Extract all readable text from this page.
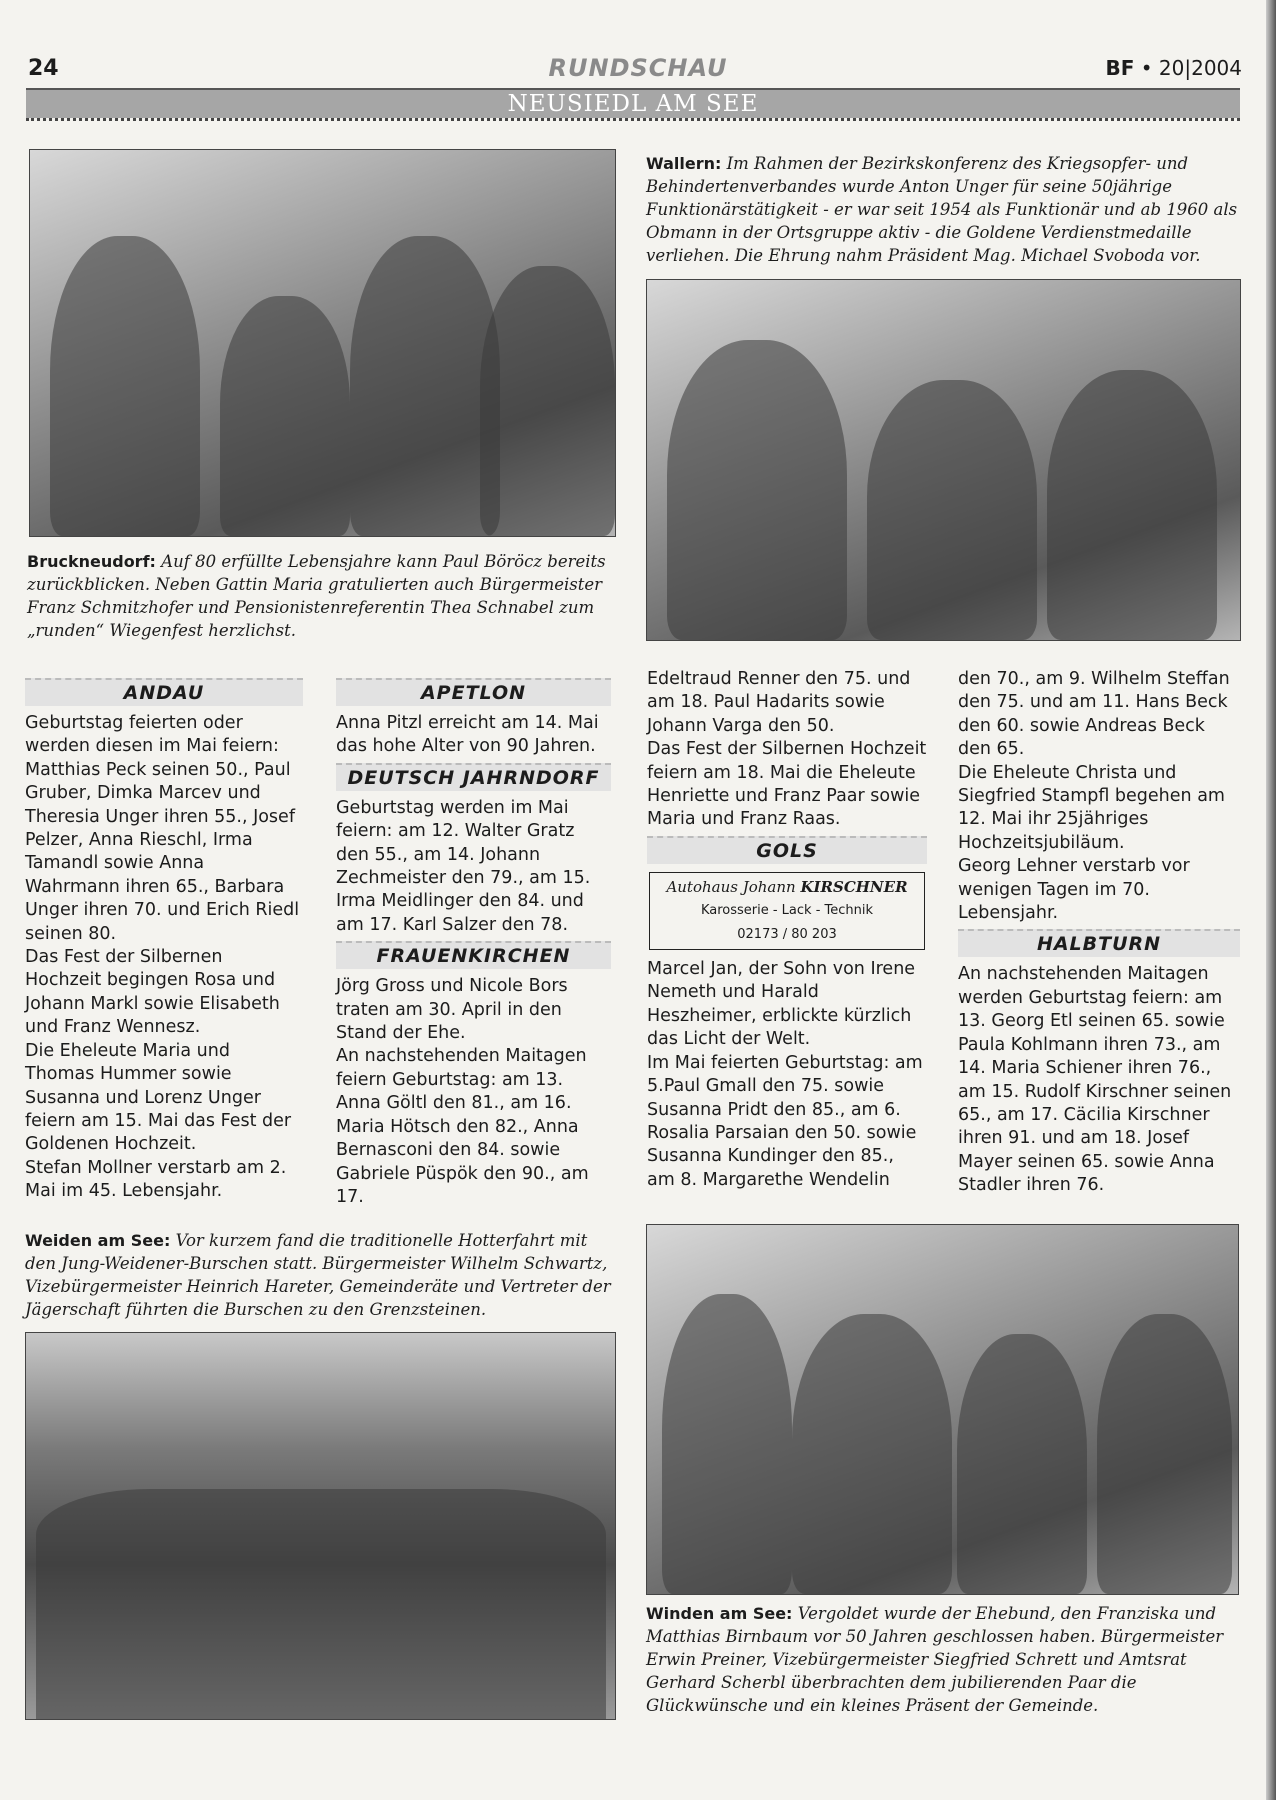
24	RUNDSCHAU	BF • 20|2004
NEUSIEDL AM SEE
Bruckneudorf: Auf 80 erfüllte Lebensjahre kann Paul Böröcz bereits zurückblicken. Neben Gattin Maria gratulierten auch Bürgermeister Franz Schmitzhofer und Pensionistenreferentin Thea Schnabel zum „runden“ Wiegenfest herzlichst.
Wallern: Im Rahmen der Bezirkskonferenz des Kriegsopfer- und Behindertenverbandes wurde Anton Unger für seine 50jährige Funktionärstätigkeit - er war seit 1954 als Funktionär und ab 1960 als Obmann in der Ortsgruppe aktiv - die Goldene Verdienstmedaille verliehen. Die Ehrung nahm Präsident Mag. Michael Svoboda vor.
ANDAU

Geburtstag feierten oder werden diesen im Mai feiern: Matthias Peck seinen 50., Paul Gruber, Dimka Marcev und Theresia Unger ihren 55., Josef Pelzer, Anna Rieschl, Irma Tamandl sowie Anna Wahrmann ihren 65., Barbara Unger ihren 70. und Erich Riedl seinen 80.

Das Fest der Silbernen Hochzeit begingen Rosa und Johann Markl sowie Elisabeth und Franz Wennesz.

Die Eheleute Maria und Thomas Hummer sowie Susanna und Lorenz Unger feiern am 15. Mai das Fest der Goldenen Hochzeit.

Stefan Mollner verstarb am 2. Mai im 45. Lebensjahr.

APETLON

Anna Pitzl erreicht am 14. Mai das hohe Alter von 90 Jahren.

DEUTSCH JAHRNDORF

Geburtstag werden im Mai feiern: am 12. Walter Gratz den 55., am 14. Johann Zechmeister den 79., am 15. Irma Meidlinger den 84. und am 17. Karl Salzer den 78.

FRAUENKIRCHEN

Jörg Gross und Nicole Bors traten am 30. April in den Stand der Ehe.

An nachstehenden Maitagen feiern Geburtstag: am 13. Anna Göltl den 81., am 16. Maria Hötsch den 82., Anna Bernasconi den 84. sowie Gabriele Püspök den 90., am 17.

Edeltraud Renner den 75. und am 18. Paul Hadarits sowie Johann Varga den 50.

Das Fest der Silbernen Hochzeit feiern am 18. Mai die Eheleute Henriette und Franz Paar sowie Maria und Franz Raas.

GOLS
Autohaus Johann KIRSCHNER
Karosserie - Lack - Technik
02173 / 80 203

Marcel Jan, der Sohn von Irene Nemeth und Harald Heszheimer, erblickte kürzlich das Licht der Welt.

Im Mai feierten Geburtstag: am 5.Paul Gmall den 75. sowie Susanna Pridt den 85., am 6. Rosalia Parsaian den 50. sowie Susanna Kundinger den 85., am 8. Margarethe Wendelin

den 70., am 9. Wilhelm Steffan den 75. und am 11. Hans Beck den 60. sowie Andreas Beck den 65.

Die Eheleute Christa und Siegfried Stampfl begehen am 12. Mai ihr 25jähriges Hochzeitsjubiläum.

Georg Lehner verstarb vor wenigen Tagen im 70. Lebensjahr.

HALBTURN

An nachstehenden Maitagen werden Geburtstag feiern: am 13. Georg Etl seinen 65. sowie Paula Kohlmann ihren 73., am 14. Maria Schiener ihren 76., am 15. Rudolf Kirschner seinen 65., am 17. Cäcilia Kirschner ihren 91. und am 18. Josef Mayer seinen 65. sowie Anna Stadler ihren 76.

Weiden am See: Vor kurzem fand die traditionelle Hotterfahrt mit den Jung-Weidener-Burschen statt. Bürgermeister Wilhelm Schwartz, Vizebürgermeister Heinrich Hareter, Gemeinderäte und Vertreter der Jägerschaft führten die Burschen zu den Grenzsteinen.
Winden am See: Vergoldet wurde der Ehebund, den Franziska und Matthias Birnbaum vor 50 Jahren geschlossen haben. Bürgermeister Erwin Preiner, Vizebürgermeister Siegfried Schrett und Amtsrat Gerhard Scherbl überbrachten dem jubilierenden Paar die Glückwünsche und ein kleines Präsent der Gemeinde.
